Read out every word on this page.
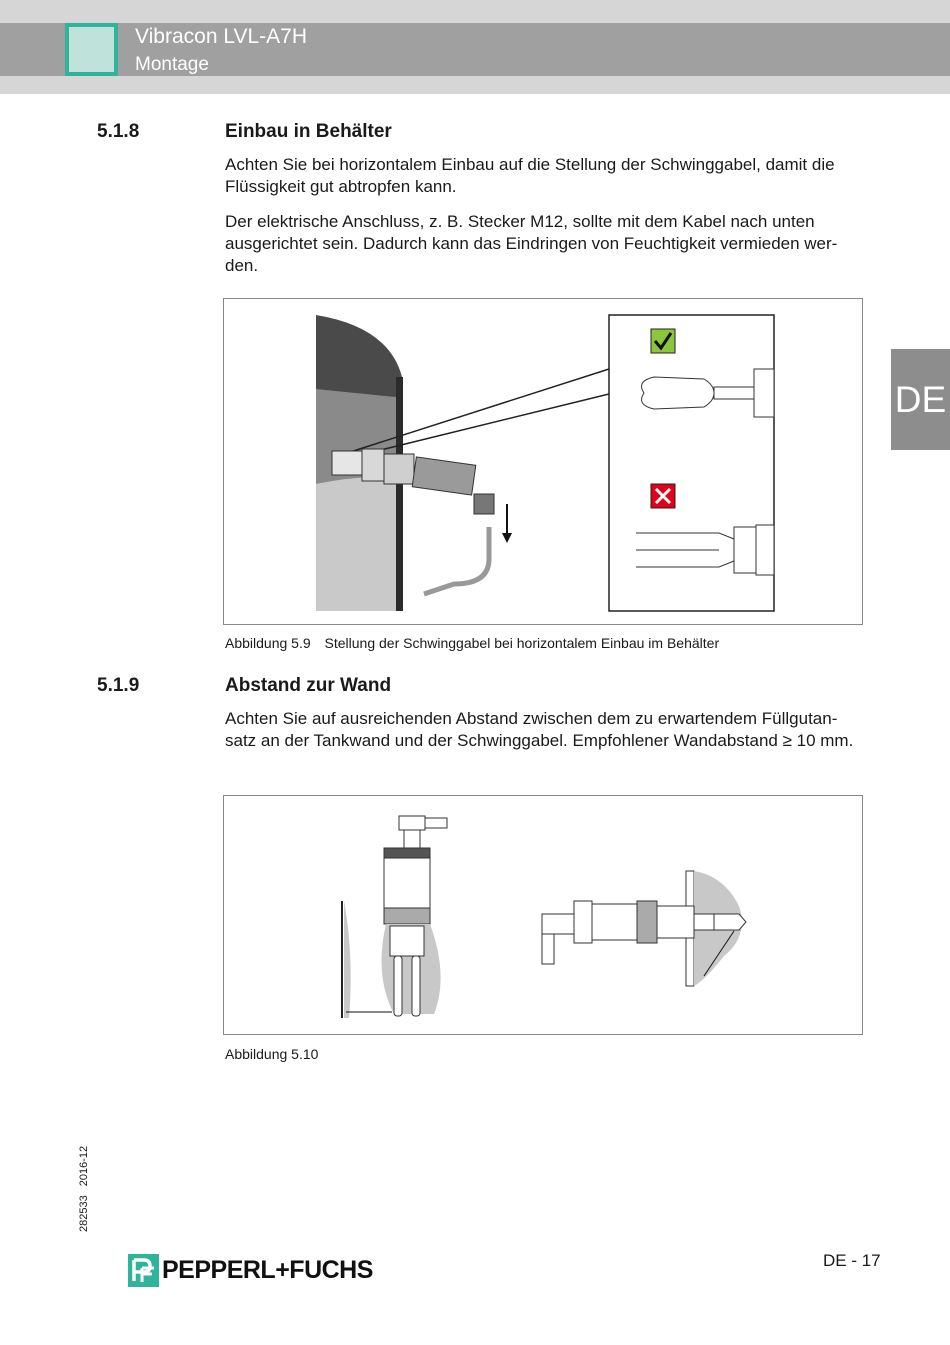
Vibracon LVL-A7H
Montage
DE
5.1.8	Einbau in Behälter
Achten Sie bei horizontalem Einbau auf die Stellung der Schwinggabel, damit die Flüssigkeit gut abtropfen kann.
Der elektrische Anschluss, z. B. Stecker M12, sollte mit dem Kabel nach unten ausgerichtet sein. Dadurch kann das Eindringen von Feuchtigkeit vermieden wer-den.
Abbildung 5.9 Stellung der Schwinggabel bei horizontalem Einbau im Behälter
5.1.9	Abstand zur Wand
Achten Sie auf ausreichenden Abstand zwischen dem zu erwartendem Füllgutan-satz an der Tankwand und der Schwinggabel. Empfohlener Wandabstand ≥ 10 mm.
Abbildung 5.10
282533 2016-12
DE - 17
PEPPERL+FUCHS
